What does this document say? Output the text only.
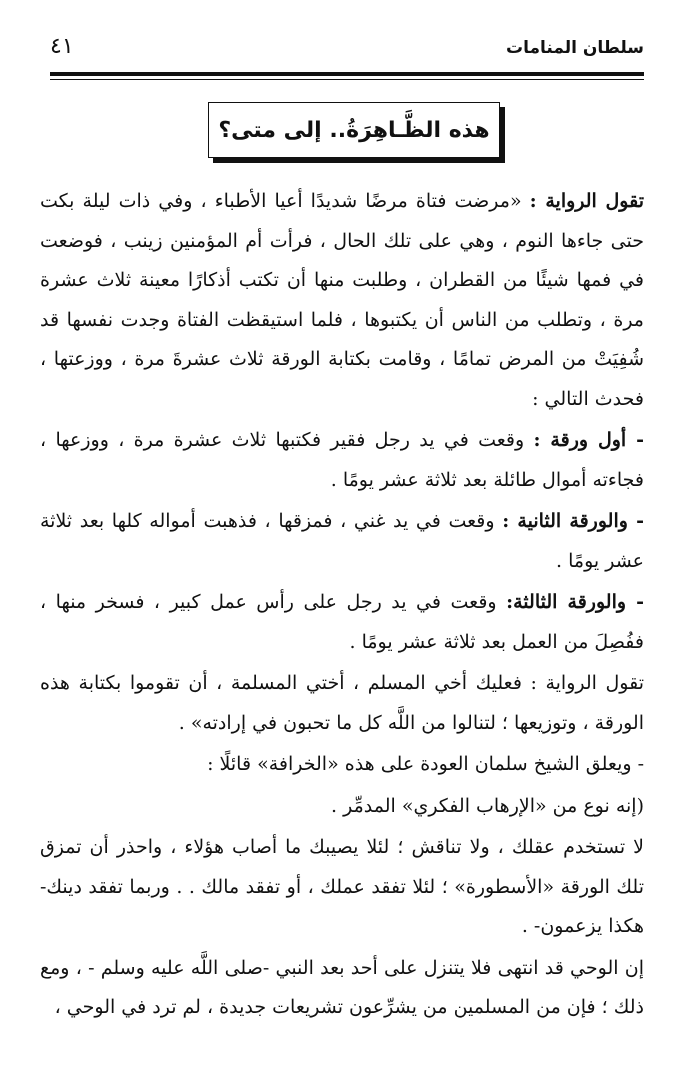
سلطان المنامات
٤١
هذه الظَّـاهِرَةُ.. إلى متى؟

تقول الرواية : «مرضت فتاة مرضًا شديدًا أعيا الأطباء ، وفي ذات ليلة بكت حتى جاءها النوم ، وهي على تلك الحال ، فرأت أم المؤمنين زينب ، فوضعت في فمها شيئًا من القطران ، وطلبت منها أن تكتب أذكارًا معينة ثلاث عشرة مرة ، وتطلب من الناس أن يكتبوها ، فلما استيقظت الفتاة وجدت نفسها قد شُفِيَتْ من المرض تمامًا ، وقامت بكتابة الورقة ثلاث عشرةَ مرة ، ووزعتها ، فحدث التالي :

- أول ورقة : وقعت في يد رجل فقير فكتبها ثلاث عشرة مرة ، ووزعها ، فجاءته أموال طائلة بعد ثلاثة عشر يومًا .

- والورقة الثانية : وقعت في يد غني ، فمزقها ، فذهبت أمواله كلها بعد ثلاثة عشر يومًا .

- والورقة الثالثة: وقعت في يد رجل على رأس عمل كبير ، فسخر منها ، ففُصِلَ من العمل بعد ثلاثة عشر يومًا .

تقول الرواية : فعليك أخي المسلم ، أختي المسلمة ، أن تقوموا بكتابة هذه الورقة ، وتوزيعها ؛ لتنالوا من اللَّه كل ما تحبون في إرادته» .

- ويعلق الشيخ سلمان العودة على هذه «الخرافة» قائلًا :

(إنه نوع من «الإرهاب الفكري» المدمِّر .

لا تستخدم عقلك ، ولا تناقش ؛ لئلا يصيبك ما أصاب هؤلاء ، واحذر أن تمزق تلك الورقة «الأسطورة» ؛ لئلا تفقد عملك ، أو تفقد مالك . . وربما تفقد دينك- هكذا يزعمون- .

إن الوحي قد انتهى فلا يتنزل على أحد بعد النبي -صلى اللَّه عليه وسلم - ، ومع ذلك ؛ فإن من المسلمين من يشرِّعون تشريعات جديدة ، لم ترد في الوحي ،
